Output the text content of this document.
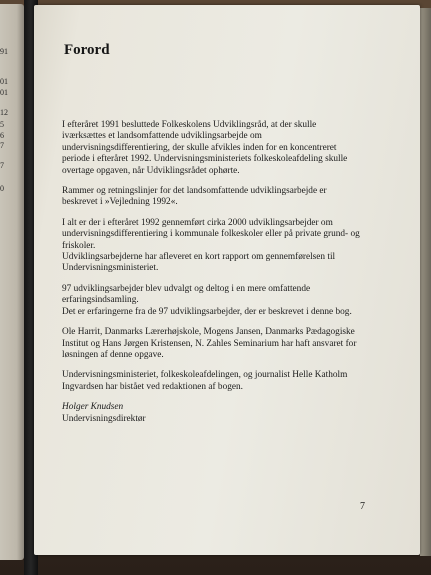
91
01
01
12
5
6
7
7
0
Forord

I efteråret 1991 besluttede Folkeskolens Udviklingsråd, at der skulle iværksættes et landsomfattende udviklingsarbejde om undervisningsdifferentiering, der skulle afvikles inden for en koncentreret periode i efteråret 1992. Undervisningsministeriets folkeskoleafdeling skulle overtage opgaven, når Udviklingsrådet ophørte.

Rammer og retningslinjer for det landsomfattende udviklingsarbejde er beskrevet i »Vejledning 1992«.

I alt er der i efteråret 1992 gennemført cirka 2000 udviklingsarbejder om undervisningsdifferentiering i kommunale folkeskoler eller på private grund- og friskoler.

Udviklingsarbejderne har afleveret en kort rapport om gennemførelsen til Undervisningsministeriet.

97 udviklingsarbejder blev udvalgt og deltog i en mere omfattende erfaringsindsamling.

Det er erfaringerne fra de 97 udviklingsarbejder, der er beskrevet i denne bog.

Ole Harrit, Danmarks Lærerhøjskole, Mogens Jansen, Danmarks Pædagogiske Institut og Hans Jørgen Kristensen, N. Zahles Seminarium har haft ansvaret for løsningen af denne opgave.

Undervisningsministeriet, folkeskoleafdelingen, og journalist Helle Katholm Ingvardsen har bistået ved redaktionen af bogen.

Holger Knudsen
Undervisningsdirektør

7
